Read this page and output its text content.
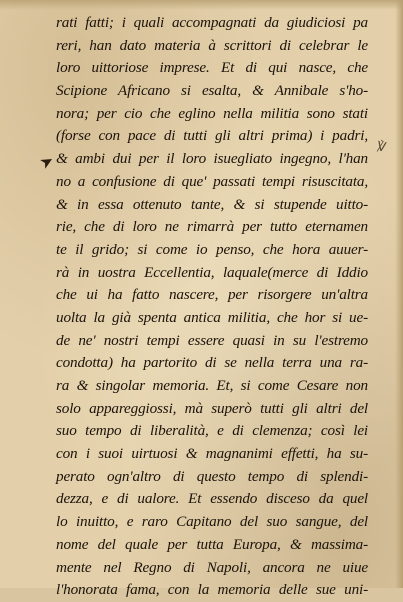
➤
℣
rati fatti; i quali accompagnati da giudiciosi pa
reri, han dato materia à scrittori di celebrar le
loro uittoriose imprese. Et di qui nasce, che
Scipione Africano si esalta, & Annibale s'ho-
nora; per cio che eglino nella militia sono stati
(forse con pace di tutti gli altri prima) i padri,
& ambi dui per il loro isuegliato ingegno, l'han
no a confusione di que' passati tempi risuscitata,
& in essa ottenuto tante, & si stupende uitto-
rie, che di loro ne rimarrà per tutto eternamen
te il grido; si come io penso, che hora auuer-
rà in uostra Eccellentia, laquale(merce di Iddio
che ui ha fatto nascere, per risorgere un'altra
uolta la già spenta antica militia, che hor si ue-
de ne' nostri tempi essere quasi in su l'estremo
condotta) ha partorito di se nella terra una ra-
ra & singolar memoria. Et, si come Cesare non
solo appareggiossi, mà superò tutti gli altri del
suo tempo di liberalità, e di clemenza; così lei
con i suoi uirtuosi & magnanimi effetti, ha su-
perato ogn'altro di questo tempo di splendi-
dezza, e di ualore. Et essendo disceso da quel
lo inuitto, e raro Capitano del suo sangue, del
nome del quale per tutta Europa, & massima-
mente nel Regno di Napoli, ancora ne uiue
l'honorata fama, con la memoria delle sue uni-
